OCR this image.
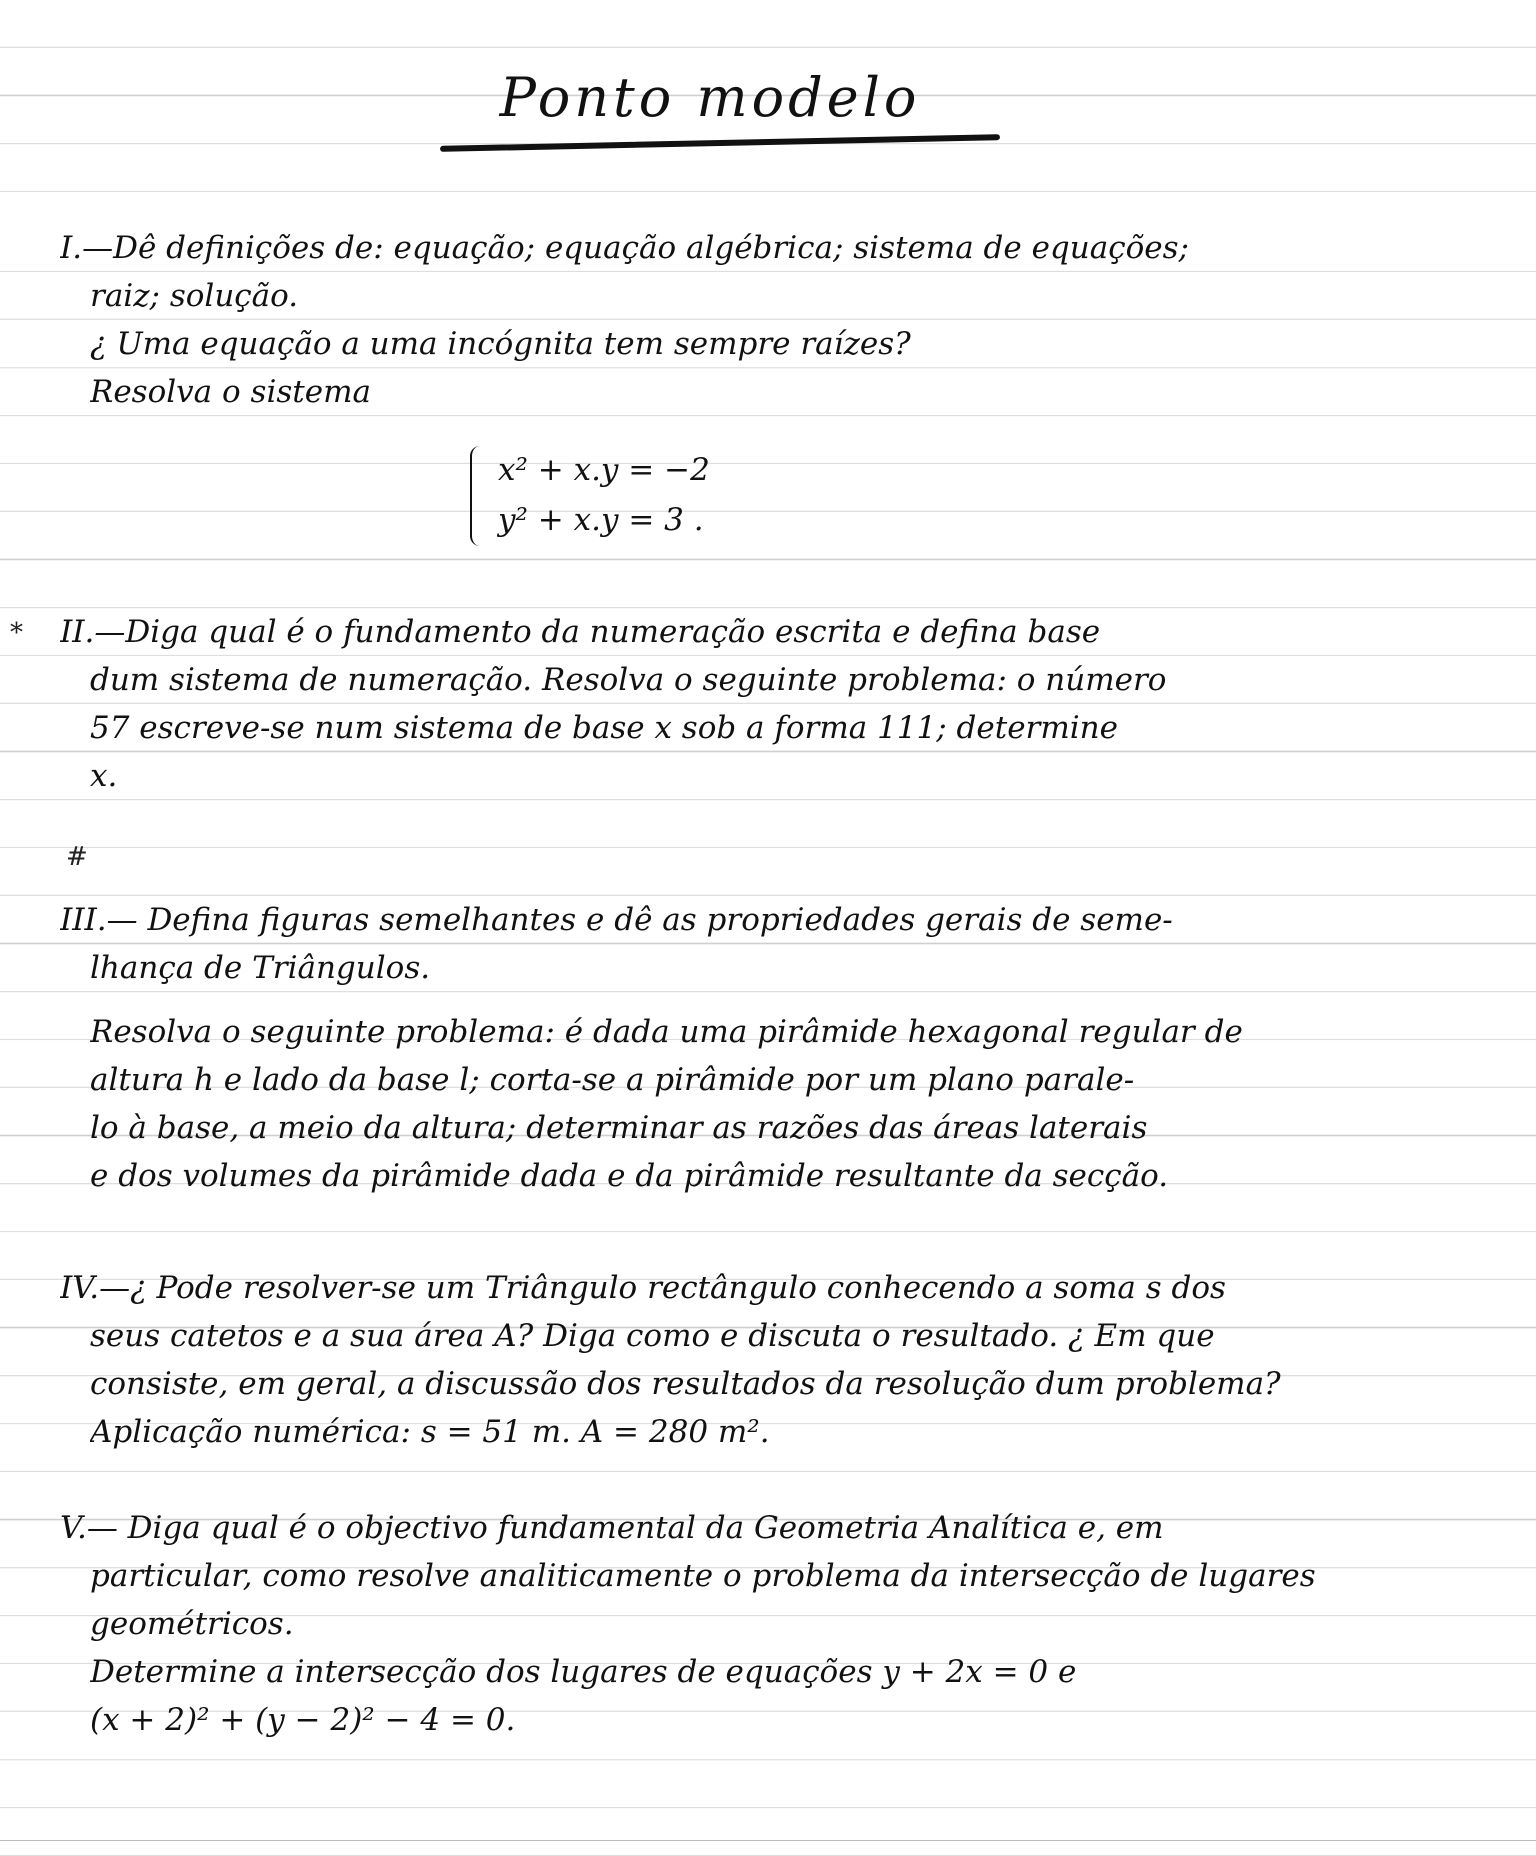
Ponto modelo
I.—Dê definições de: equação; equação algébrica; sistema de equações;
raiz; solução.
¿ Uma equação a uma incógnita tem sempre raízes?
Resolva o sistema
x² + x.y = −2
y² + x.y = 3 .
II.—Diga qual é o fundamento da numeração escrita e defina base
dum sistema de numeração. Resolva o seguinte problema: o número
57 escreve-se num sistema de base x sob a forma 111; determine
x.
*
#
III.— Defina figuras semelhantes e dê as propriedades gerais de seme-
lhança de Triângulos.
Resolva o seguinte problema: é dada uma pirâmide hexagonal regular de
altura h e lado da base l; corta-se a pirâmide por um plano parale-
lo à base, a meio da altura; determinar as razões das áreas laterais
e dos volumes da pirâmide dada e da pirâmide resultante da secção.
IV.—¿ Pode resolver-se um Triângulo rectângulo conhecendo a soma s dos
seus catetos e a sua área A? Diga como e discuta o resultado. ¿ Em que
consiste, em geral, a discussão dos resultados da resolução dum problema?
Aplicação numérica: s = 51 m. A = 280 m².
V.— Diga qual é o objectivo fundamental da Geometria Analítica e, em
particular, como resolve analiticamente o problema da intersecção de lugares
geométricos.
Determine a intersecção dos lugares de equações y + 2x = 0 e
(x + 2)² + (y − 2)² − 4 = 0.
